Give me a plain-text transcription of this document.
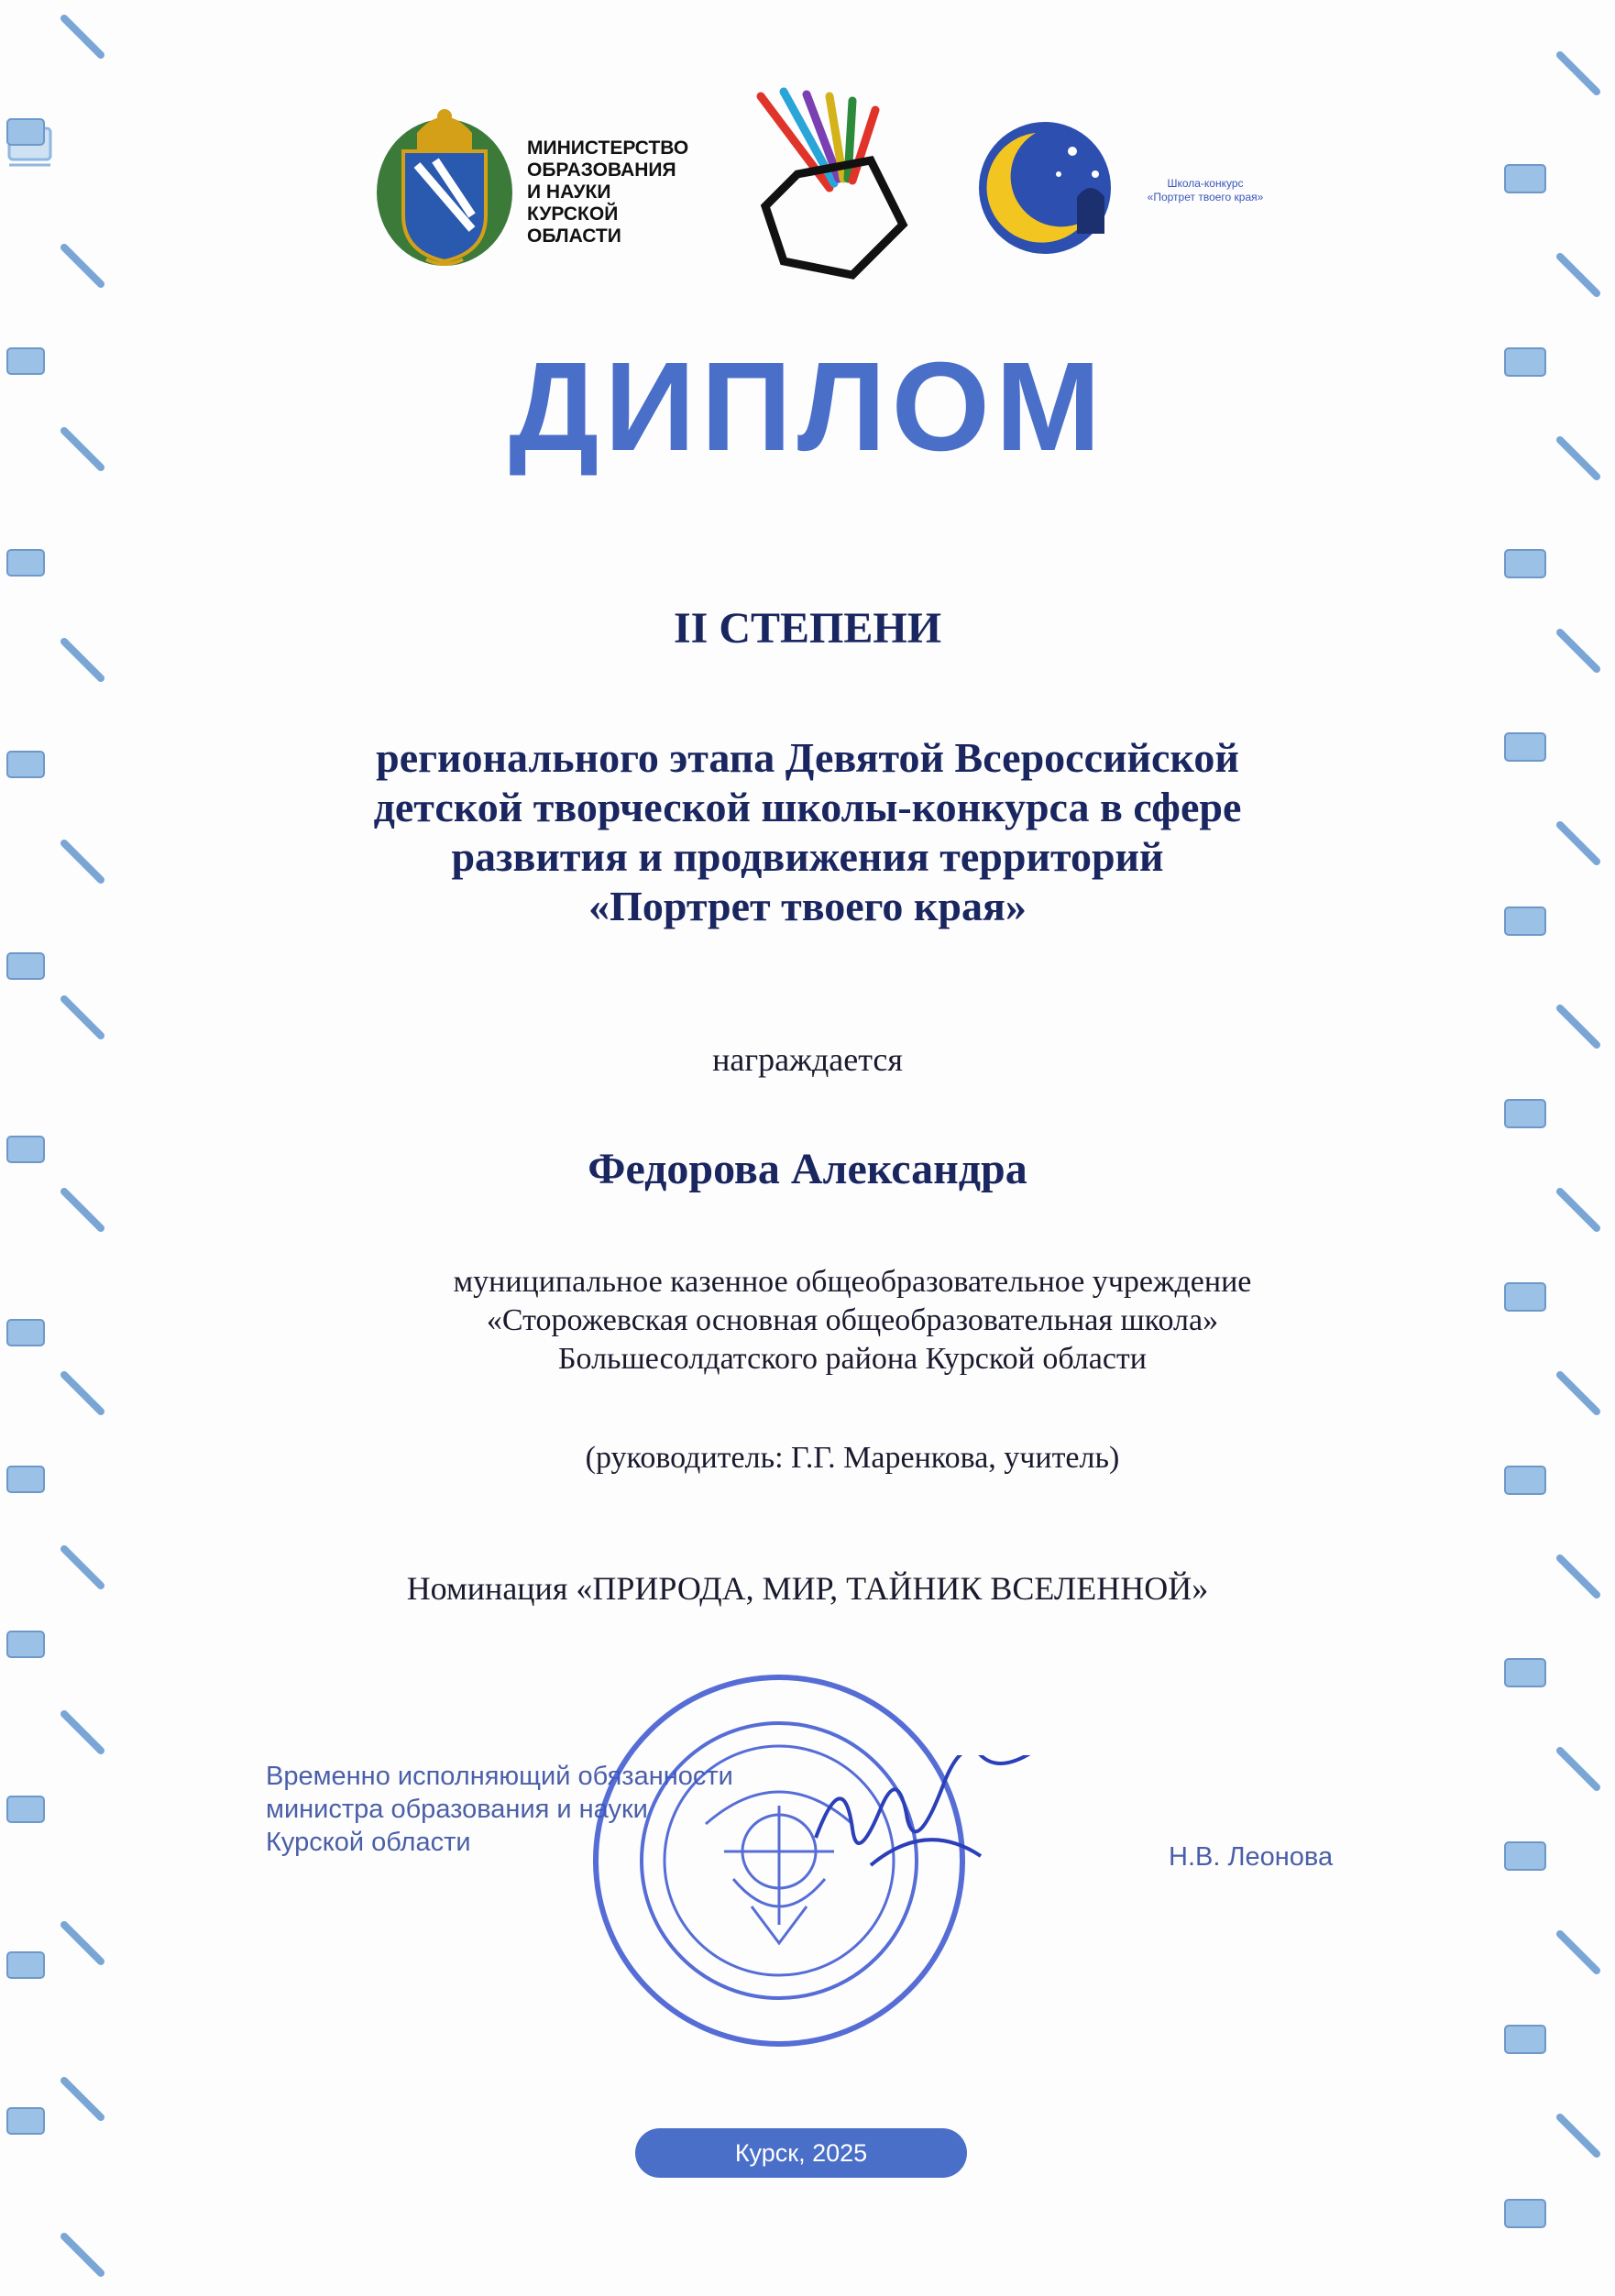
МИНИСТЕРСТВО
ОБРАЗОВАНИЯ
И НАУКИ
КУРСКОЙ
ОБЛАСТИ
Школа-конкурс
«Портрет твоего края»
ДИПЛОМ
II СТЕПЕНИ
регионального этапа Девятой Всероссийской
детской творческой школы-конкурса в сфере
развития и продвижения территорий
«Портрет твоего края»
награждается
Федорова Александра
муниципальное казенное общеобразовательное учреждение
«Сторожевская основная общеобразовательная школа»
Большесолдатского района Курской области
(руководитель: Г.Г. Маренкова, учитель)
Номинация «ПРИРОДА, МИР, ТАЙНИК ВСЕЛЕННОЙ»
Временно исполняющий обязанности
министра образования и науки
Курской области	Н.В. Леонова
Курск, 2025
